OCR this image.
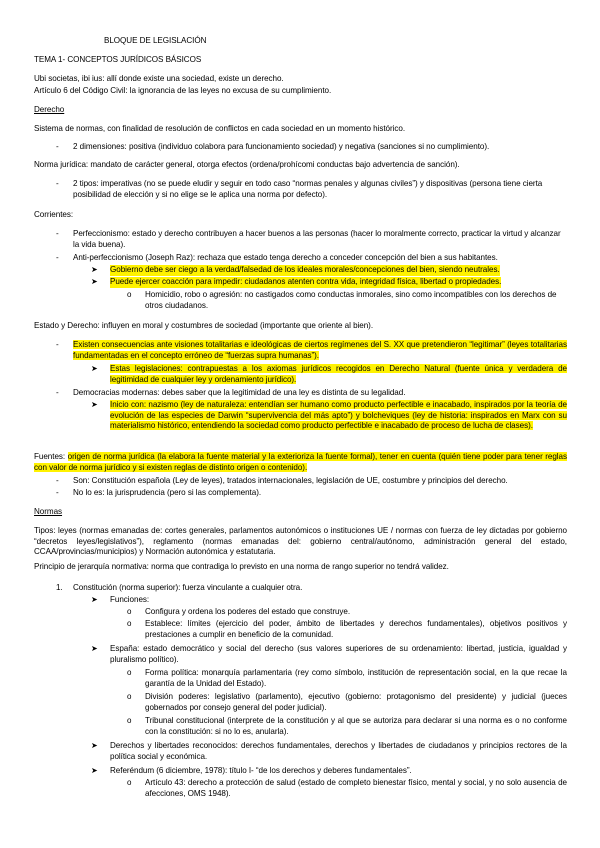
BLOQUE DE LEGISLACIÓN
TEMA 1- CONCEPTOS JURÍDICOS BÁSICOS
Ubi societas, ibi ius: allí donde existe una sociedad, existe un derecho.
Artículo 6 del Código Civil: la ignorancia de las leyes no excusa de su cumplimiento.
Derecho
Sistema de normas, con finalidad de resolución de conflictos en cada sociedad en un momento histórico.
- 2 dimensiones: positiva (individuo colabora para funcionamiento sociedad) y negativa (sanciones si no cumplimiento).
Norma jurídica: mandato de carácter general, otorga efectos (ordena/prohícomi conductas bajo advertencia de sanción).
- 2 tipos: imperativas (no se puede eludir y seguir en todo caso “normas penales y algunas civiles”) y dispositivas (persona tiene cierta posibilidad de elección y si no elige se le aplica una norma por defecto).
Corrientes:
- Perfeccionismo: estado y derecho contribuyen a hacer buenos a las personas (hacer lo moralmente correcto, practicar la virtud y alcanzar la vida buena).
- Anti-perfeccionismo (Joseph Raz): rechaza que estado tenga derecho a conceder concepción del bien a sus habitantes.
➤ Gobierno debe ser ciego a la verdad/falsedad de los ideales morales/concepciones del bien, siendo neutrales.
➤ Puede ejercer coacción para impedir: ciudadanos atenten contra vida, integridad física, libertad o propiedades.
o Homicidio, robo o agresión: no castigados como conductas inmorales, sino como incompatibles con los derechos de otros ciudadanos.
Estado y Derecho: influyen en moral y costumbres de sociedad (importante que oriente al bien).
- Existen consecuencias ante visiones totalitarias e ideológicas de ciertos regímenes del S. XX que pretendieron “legitimar” (leyes totalitarias fundamentadas en el concepto erróneo de “fuerzas supra humanas”).
➤ Estas legislaciones: contrapuestas a los axiomas jurídicos recogidos en Derecho Natural (fuente única y verdadera de legitimidad de cualquier ley y ordenamiento jurídico).
- Democracias modernas: debes saber que la legitimidad de una ley es distinta de su legalidad.
➤ Inicio con: nazismo (ley de naturaleza: entendían ser humano como producto perfectible e inacabado, inspirados por la teoría de evolución de las especies de Darwin “supervivencia del más apto”) y bolcheviques (ley de historia: inspirados en Marx con su materialismo histórico, entendiendo la sociedad como producto perfectible e inacabado de proceso de lucha de clases).
Fuentes: origen de norma jurídica (la elabora la fuente material y la exterioriza la fuente formal), tener en cuenta (quién tiene poder para tener reglas con valor de norma jurídico y si existen reglas de distinto origen o contenido).
- Son: Constitución española (Ley de leyes), tratados internacionales, legislación de UE, costumbre y principios del derecho.
- No lo es: la jurisprudencia (pero si las complementa).
Normas
Tipos: leyes (normas emanadas de: cortes generales, parlamentos autonómicos o instituciones UE / normas con fuerza de ley dictadas por gobierno “decretos leyes/legislativos”), reglamento (normas emanadas del: gobierno central/autónomo, administración general del estado, CCAA/provincias/municipios) y Normación autonómica y estatutaria.
Principio de jerarquía normativa: norma que contradiga lo previsto en una norma de rango superior no tendrá validez.
1. Constitución (norma superior): fuerza vinculante a cualquier otra.
➤ Funciones:
o Configura y ordena los poderes del estado que construye.
o Establece: límites (ejercicio del poder, ámbito de libertades y derechos fundamentales), objetivos positivos y prestaciones a cumplir en beneficio de la comunidad.
➤ España: estado democrático y social del derecho (sus valores superiores de su ordenamiento: libertad, justicia, igualdad y pluralismo político).
o Forma política: monarquía parlamentaria (rey como símbolo, institución de representación social, en la que recae la garantía de la Unidad del Estado).
o División poderes: legislativo (parlamento), ejecutivo (gobierno: protagonismo del presidente) y judicial (jueces gobernados por consejo general del poder judicial).
o Tribunal constitucional (interprete de la constitución y al que se autoriza para declarar si una norma es o no conforme con la constitución: si no lo es, anularla).
➤ Derechos y libertades reconocidos: derechos fundamentales, derechos y libertades de ciudadanos y principios rectores de la política social y económica.
➤ Referéndum (6 diciembre, 1978): título I- “de los derechos y deberes fundamentales”.
o Artículo 43: derecho a protección de salud (estado de completo bienestar físico, mental y social, y no solo ausencia de afecciones, OMS 1948).
